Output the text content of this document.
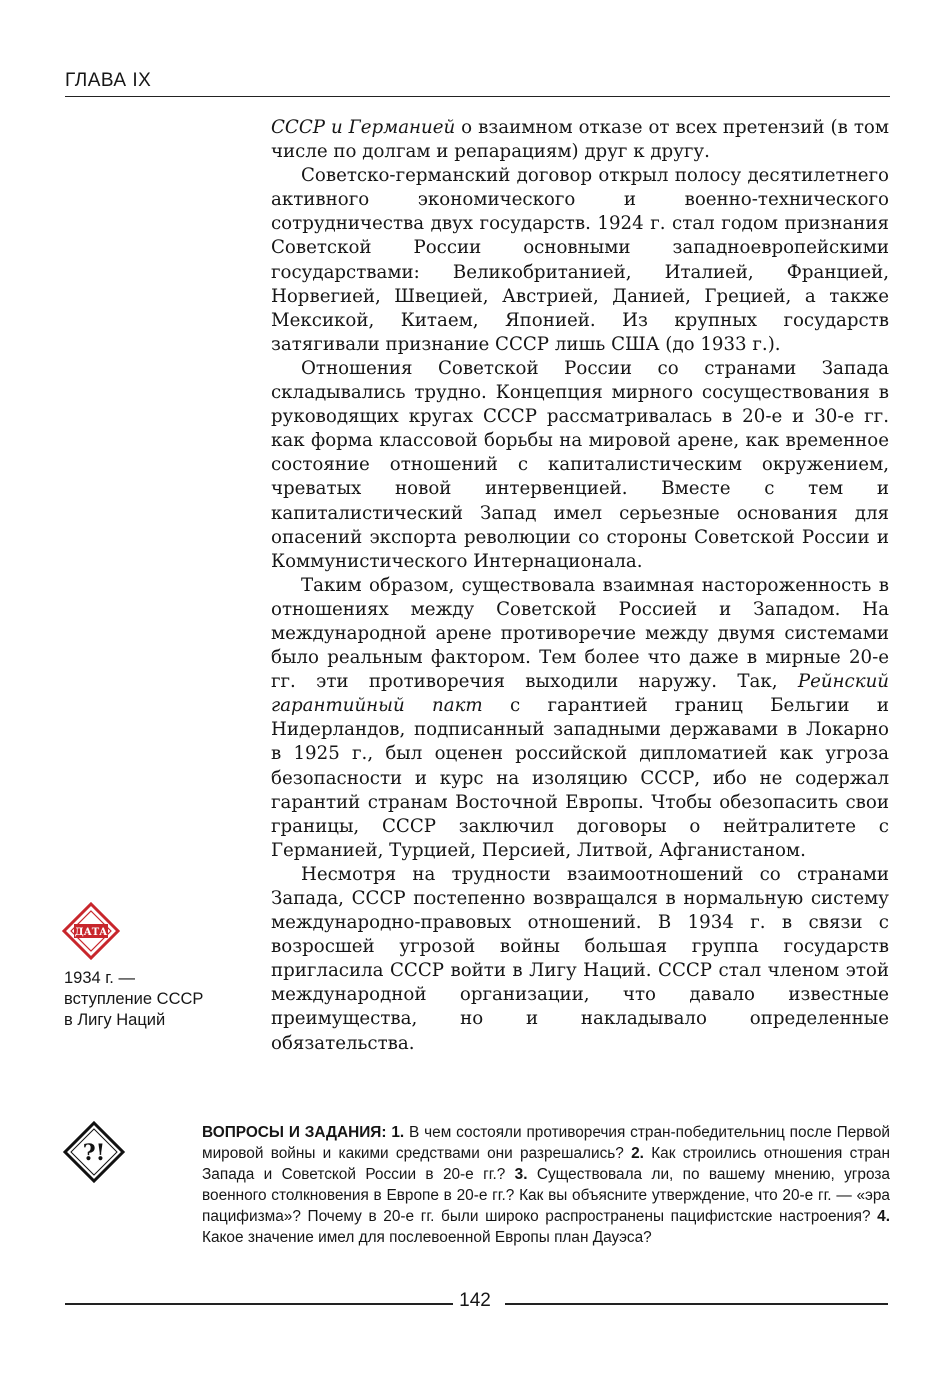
ГЛАВА IX

СССР и Германией о взаимном отказе от всех претензий (в том числе по долгам и репарациям) друг к другу.

Советско-германский договор открыл полосу десятилетнего активного экономического и военно-технического сотрудничества двух государств. 1924 г. стал годом признания Советской России основными западноевропейскими государствами: Великобританией, Италией, Францией, Норвегией, Швецией, Австрией, Данией, Грецией, а также Мексикой, Китаем, Японией. Из крупных государств затягивали признание СССР лишь США (до 1933 г.).

Отношения Советской России со странами Запада складывались трудно. Концепция мирного сосуществования в руководящих кругах СССР рассматривалась в 20-е и 30-е гг. как форма классовой борьбы на мировой арене, как временное состояние отношений с капиталистическим окружением, чреватых новой интервенцией. Вместе с тем и капиталистический Запад имел серьезные основания для опасений экспорта революции со стороны Советской России и Коммунистического Интернационала.

Таким образом, существовала взаимная настороженность в отношениях между Советской Россией и Западом. На международной арене противоречие между двумя системами было реальным фактором. Тем более что даже в мирные 20-е гг. эти противоречия выходили наружу. Так, Рейнский гарантийный пакт с гарантией границ Бельгии и Нидерландов, подписанный западными державами в Локарно в 1925 г., был оценен российской дипломатией как угроза безопасности и курс на изоляцию СССР, ибо не содержал гарантий странам Восточной Европы. Чтобы обезопасить свои границы, СССР заключил договоры о нейтралитете с Германией, Турцией, Персией, Литвой, Афганистаном.

Несмотря на трудности взаимоотношений со странами Запада, СССР постепенно возвращался в нормальную систему международно-правовых отношений. В 1934 г. в связи с возросшей угрозой войны большая группа государств пригласила СССР войти в Лигу Наций. СССР стал членом этой международной организации, что давало известные преимущества, но и накладывало определенные обязательства.

ДАТА
1934 г. —
вступление СССР
в Лигу Наций
?!
ВОПРОСЫ И ЗАДАНИЯ: 1. В чем состояли противоречия стран-победительниц после Первой мировой войны и какими средствами они разрешались? 2. Как строились отношения стран Запада и Советской России в 20-е гг.? 3. Существовала ли, по вашему мнению, угроза военного столкновения в Европе в 20-е гг.? Как вы объясните утверждение, что 20-е гг. — «эра пацифизма»? Почему в 20-е гг. были широко распространены пацифистские настроения? 4. Какое значение имел для послевоенной Европы план Дауэса?
142
